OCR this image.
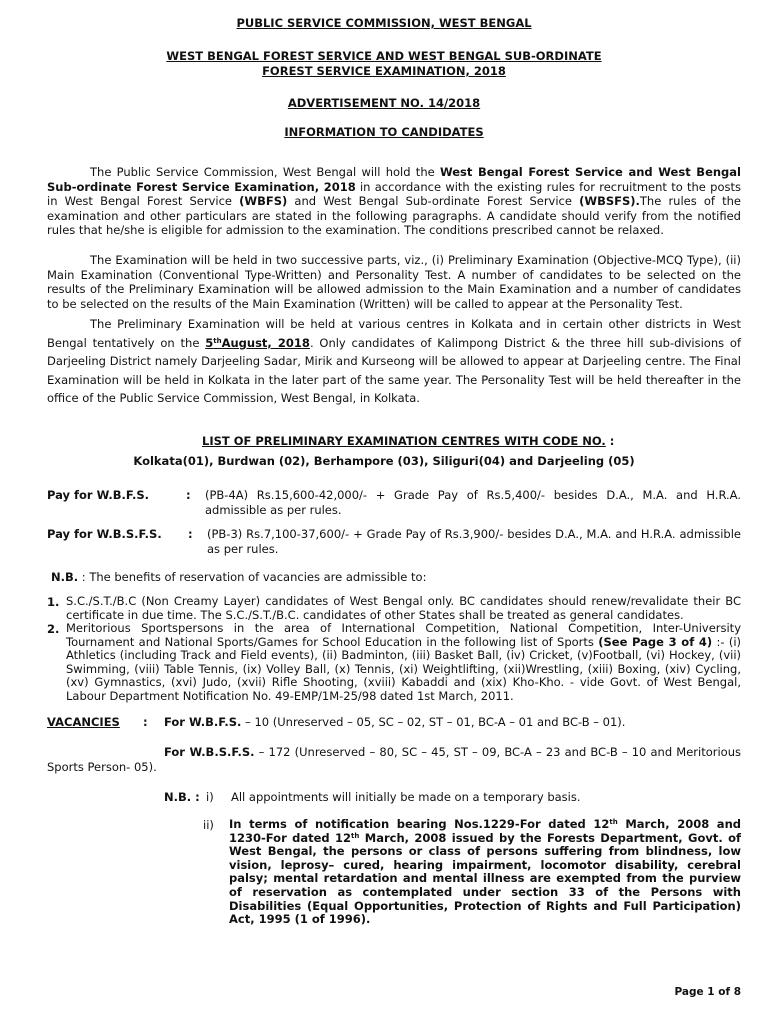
PUBLIC SERVICE COMMISSION, WEST BENGAL
WEST BENGAL FOREST SERVICE AND WEST BENGAL SUB-ORDINATE
FOREST SERVICE EXAMINATION, 2018
ADVERTISEMENT NO. 14/2018
INFORMATION TO CANDIDATES
The Public Service Commission, West Bengal will hold the West Bengal Forest Service and West Bengal Sub-ordinate Forest Service Examination, 2018 in accordance with the existing rules for recruitment to the posts in West Bengal Forest Service (WBFS) and West Bengal Sub-ordinate Forest Service (WBSFS).The rules of the examination and other particulars are stated in the following paragraphs. A candidate should verify from the notified rules that he/she is eligible for admission to the examination. The conditions prescribed cannot be relaxed.
The Examination will be held in two successive parts, viz., (i) Preliminary Examination (Objective-MCQ Type), (ii) Main Examination (Conventional Type-Written) and Personality Test. A number of candidates to be selected on the results of the Preliminary Examination will be allowed admission to the Main Examination and a number of candidates to be selected on the results of the Main Examination (Written) will be called to appear at the Personality Test.
The Preliminary Examination will be held at various centres in Kolkata and in certain other districts in West Bengal tentatively on the 5thAugust, 2018. Only candidates of Kalimpong District & the three hill sub-divisions of Darjeeling District namely Darjeeling Sadar, Mirik and Kurseong will be allowed to appear at Darjeeling centre. The Final Examination will be held in Kolkata in the later part of the same year. The Personality Test will be held thereafter in the office of the Public Service Commission, West Bengal, in Kolkata.
LIST OF PRELIMINARY EXAMINATION CENTRES WITH CODE NO. :
Kolkata(01), Burdwan (02), Berhampore (03), Siliguri(04) and Darjeeling (05)
Pay for W.B.F.S.	: (PB-4A) Rs.15,600-42,000/- + Grade Pay of Rs.5,400/- besides D.A., M.A. and H.R.A. admissible as per rules.
Pay for W.B.S.F.S. : (PB-3) Rs.7,100-37,600/- + Grade Pay of Rs.3,900/- besides D.A., M.A. and H.R.A. admissible as per rules.
N.B. : The benefits of reservation of vacancies are admissible to:
1. S.C./S.T./B.C (Non Creamy Layer) candidates of West Bengal only. BC candidates should renew/revalidate their BC certificate in due time. The S.C./S.T./B.C. candidates of other States shall be treated as general candidates.
2. Meritorious Sportspersons in the area of International Competition, National Competition, Inter-University Tournament and National Sports/Games for School Education in the following list of Sports (See Page 3 of 4) :- (i) Athletics (including Track and Field events), (ii) Badminton, (iii) Basket Ball, (iv) Cricket, (v)Football, (vi) Hockey, (vii) Swimming, (viii) Table Tennis, (ix) Volley Ball, (x) Tennis, (xi) Weightlifting, (xii)Wrestling, (xiii) Boxing, (xiv) Cycling, (xv) Gymnastics, (xvi) Judo, (xvii) Rifle Shooting, (xviii) Kabaddi and (xix) Kho-Kho. - vide Govt. of West Bengal, Labour Department Notification No. 49-EMP/1M-25/98 dated 1st March, 2011.
VACANCIES : For W.B.F.S. – 10 (Unreserved – 05, SC – 02, ST – 01, BC-A – 01 and BC-B – 01).
For W.B.S.F.S. – 172 (Unreserved – 80, SC – 45, ST – 09, BC-A – 23 and BC-B – 10 and Meritorious Sports Person- 05).
N.B. : i) All appointments will initially be made on a temporary basis.
ii) In terms of notification bearing Nos.1229-For dated 12th March, 2008 and 1230-For dated 12th March, 2008 issued by the Forests Department, Govt. of West Bengal, the persons or class of persons suffering from blindness, low vision, leprosy– cured, hearing impairment, locomotor disability, cerebral palsy; mental retardation and mental illness are exempted from the purview of reservation as contemplated under section 33 of the Persons with Disabilities (Equal Opportunities, Protection of Rights and Full Participation) Act, 1995 (1 of 1996).
Page 1 of 8
